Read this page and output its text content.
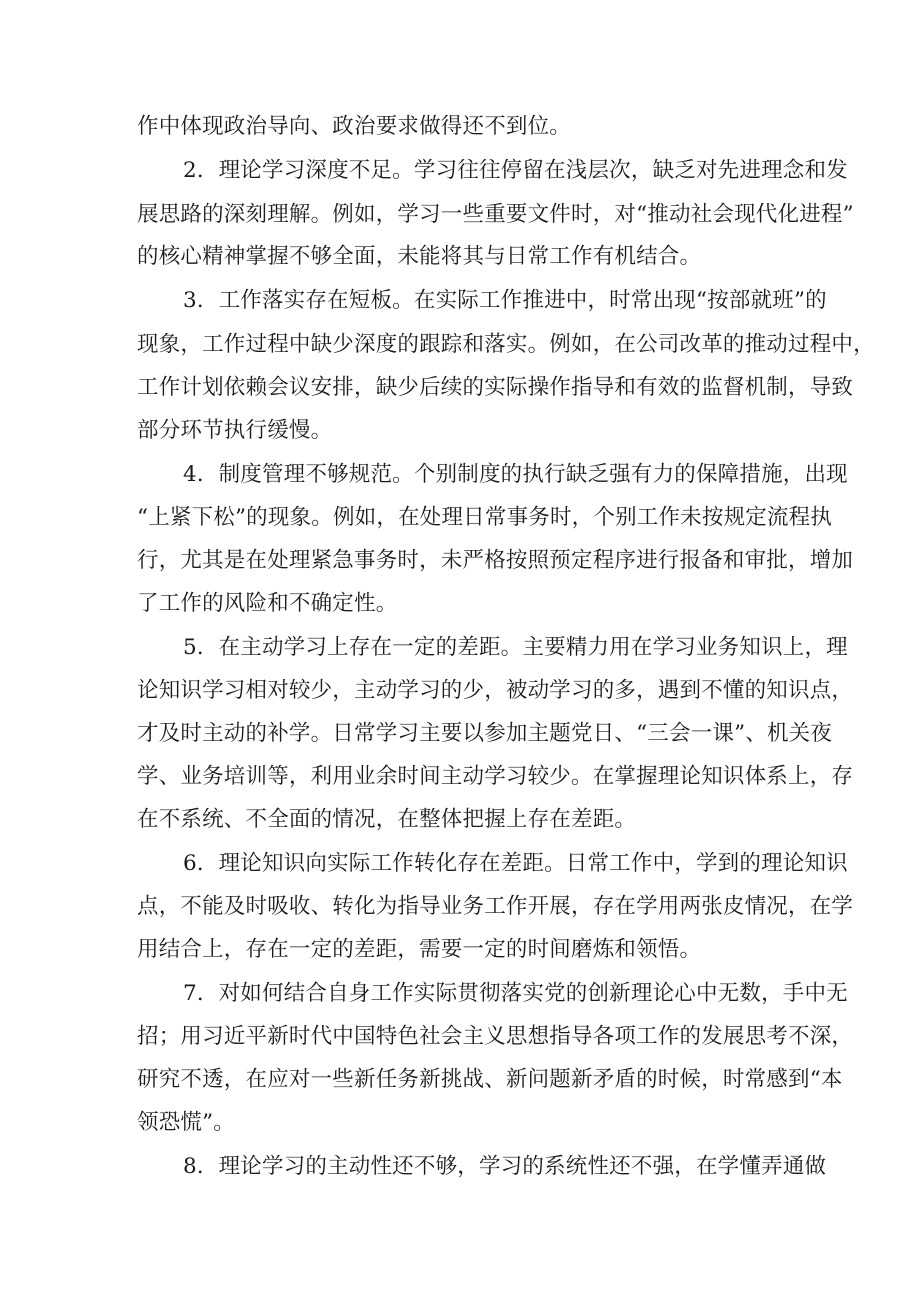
作中体现政治导向、政治要求做得还不到位。
2．理论学习深度不足。学习往往停留在浅层次，缺乏对先进理念和发
展思路的深刻理解。例如，学习一些重要文件时，对“推动社会现代化进程”
的核心精神掌握不够全面，未能将其与日常工作有机结合。
3．工作落实存在短板。在实际工作推进中，时常出现“按部就班”的
现象，工作过程中缺少深度的跟踪和落实。例如，在公司改革的推动过程中，
工作计划依赖会议安排，缺少后续的实际操作指导和有效的监督机制，导致
部分环节执行缓慢。
4．制度管理不够规范。个别制度的执行缺乏强有力的保障措施，出现
“上紧下松”的现象。例如，在处理日常事务时，个别工作未按规定流程执
行，尤其是在处理紧急事务时，未严格按照预定程序进行报备和审批，增加
了工作的风险和不确定性。
5．在主动学习上存在一定的差距。主要精力用在学习业务知识上，理
论知识学习相对较少，主动学习的少，被动学习的多，遇到不懂的知识点，
才及时主动的补学。日常学习主要以参加主题党日、“三会一课”、机关夜
学、业务培训等，利用业余时间主动学习较少。在掌握理论知识体系上，存
在不系统、不全面的情况，在整体把握上存在差距。
6．理论知识向实际工作转化存在差距。日常工作中，学到的理论知识
点，不能及时吸收、转化为指导业务工作开展，存在学用两张皮情况，在学
用结合上，存在一定的差距，需要一定的时间磨炼和领悟。
7．对如何结合自身工作实际贯彻落实党的创新理论心中无数，手中无
招；用习近平新时代中国特色社会主义思想指导各项工作的发展思考不深，
研究不透，在应对一些新任务新挑战、新问题新矛盾的时候，时常感到“本
领恐慌”。
8．理论学习的主动性还不够，学习的系统性还不强，在学懂弄通做
